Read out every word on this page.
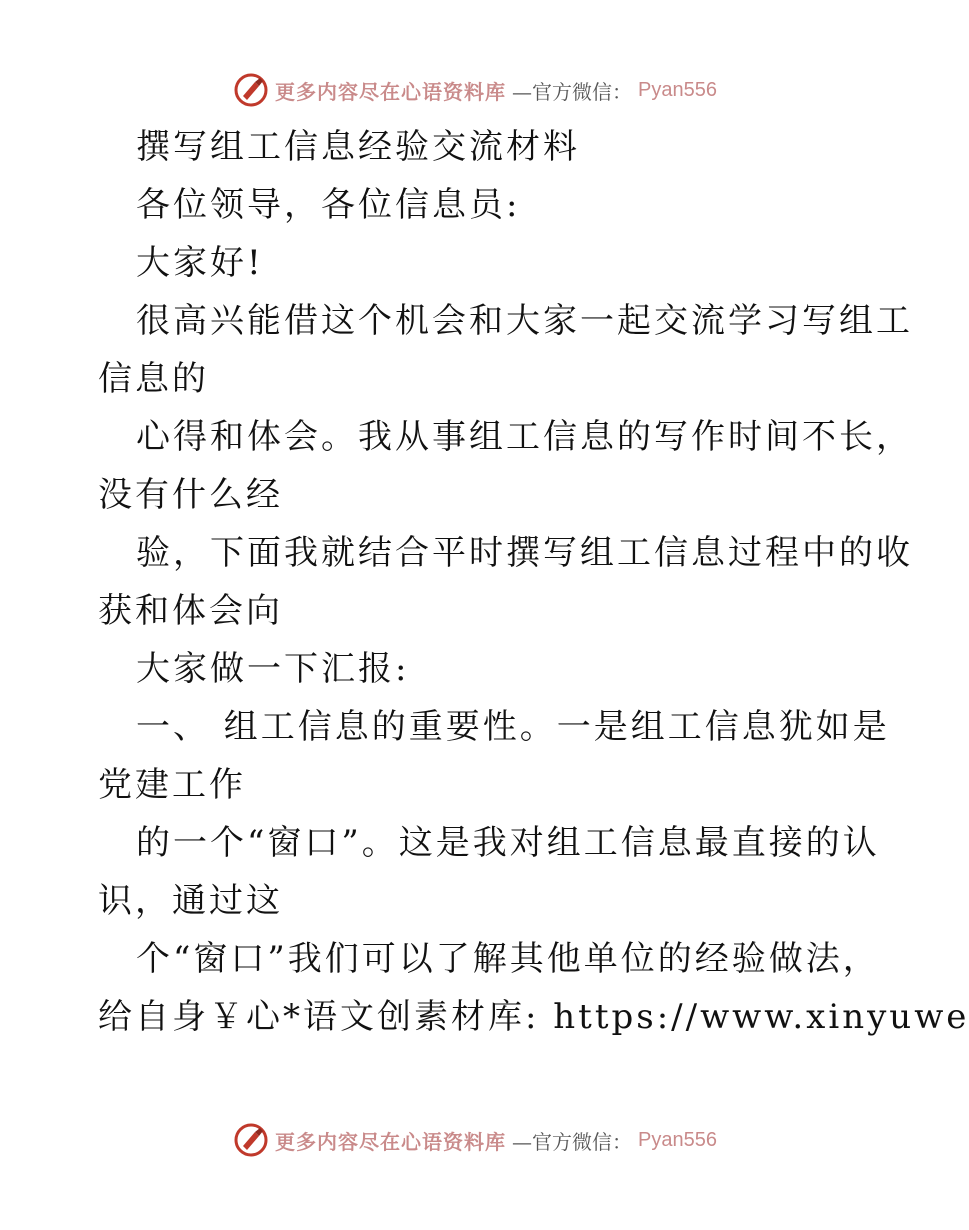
更多内容尽在心语资料库 —官方微信： Pyan556
撰写组工信息经验交流材料
各位领导，各位信息员:
大家好!
很高兴能借这个机会和大家一起交流学习写组工
信息的
心得和体会。我从事组工信息的写作时间不长，
没有什么经
验，下面我就结合平时撰写组工信息过程中的收
获和体会向
大家做一下汇报:
一、 组工信息的重要性。一是组工信息犹如是
党建工作
的一个“窗口”。这是我对组工信息最直接的认
识，通过这
个“窗口”我们可以了解其他单位的经验做法，
给自身￥心*语文创素材库: https://www.xinyuwe
更多内容尽在心语资料库 —官方微信： Pyan556
